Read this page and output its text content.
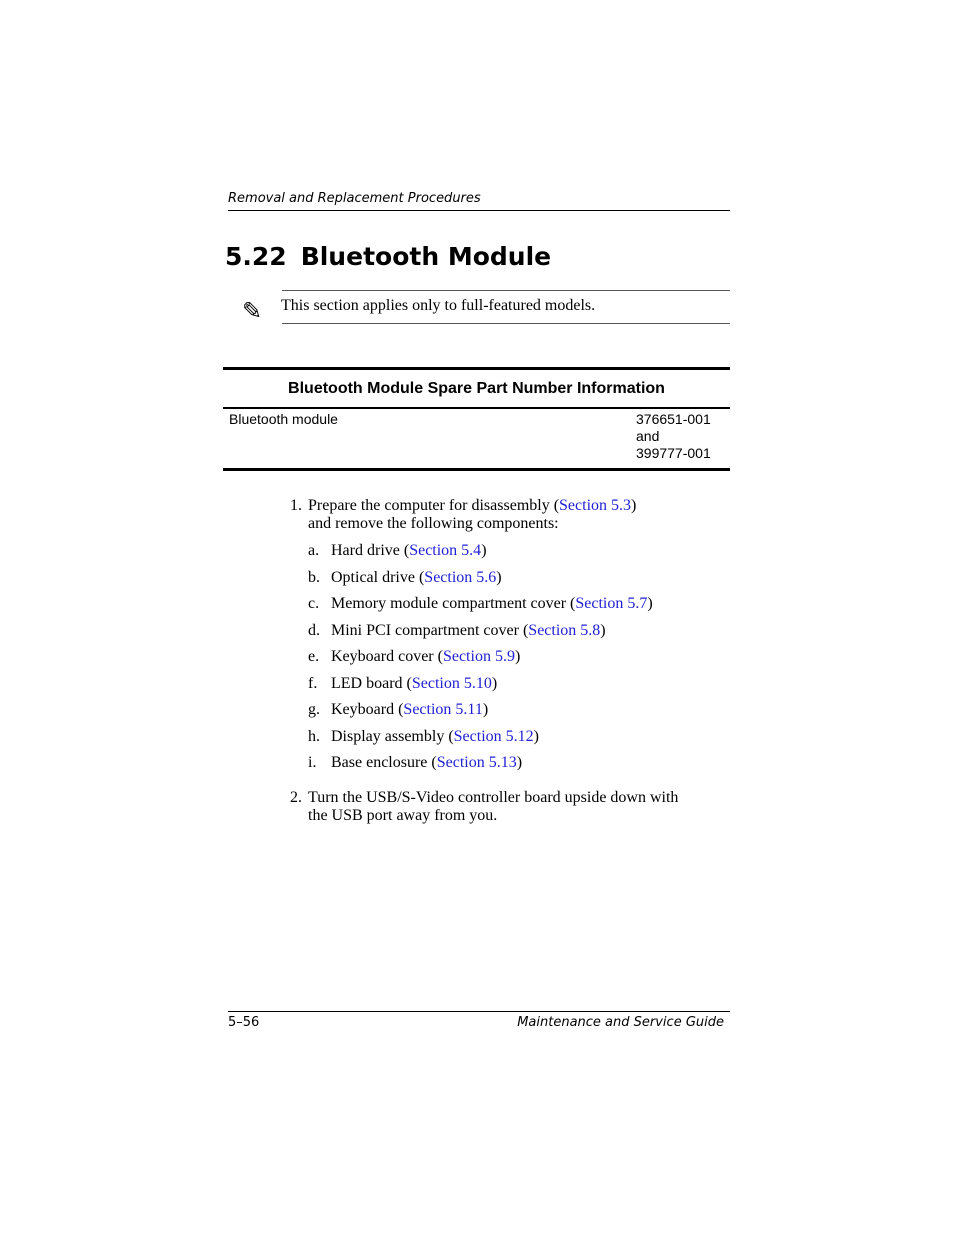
Removal and Replacement Procedures
5.22 Bluetooth Module
✎ This section applies only to full-featured models.
Bluetooth Module Spare Part Number Information
Bluetooth module	376651-001
and
399777-001
1. Prepare the computer for disassembly (Section 5.3)
and remove the following components:
a. Hard drive (Section 5.4)
b. Optical drive (Section 5.6)
c. Memory module compartment cover (Section 5.7)
d. Mini PCI compartment cover (Section 5.8)
e. Keyboard cover (Section 5.9)
f. LED board (Section 5.10)
g. Keyboard (Section 5.11)
h. Display assembly (Section 5.12)
i. Base enclosure (Section 5.13)
2. Turn the USB/S-Video controller board upside down with
the USB port away from you.
5–56	Maintenance and Service Guide
